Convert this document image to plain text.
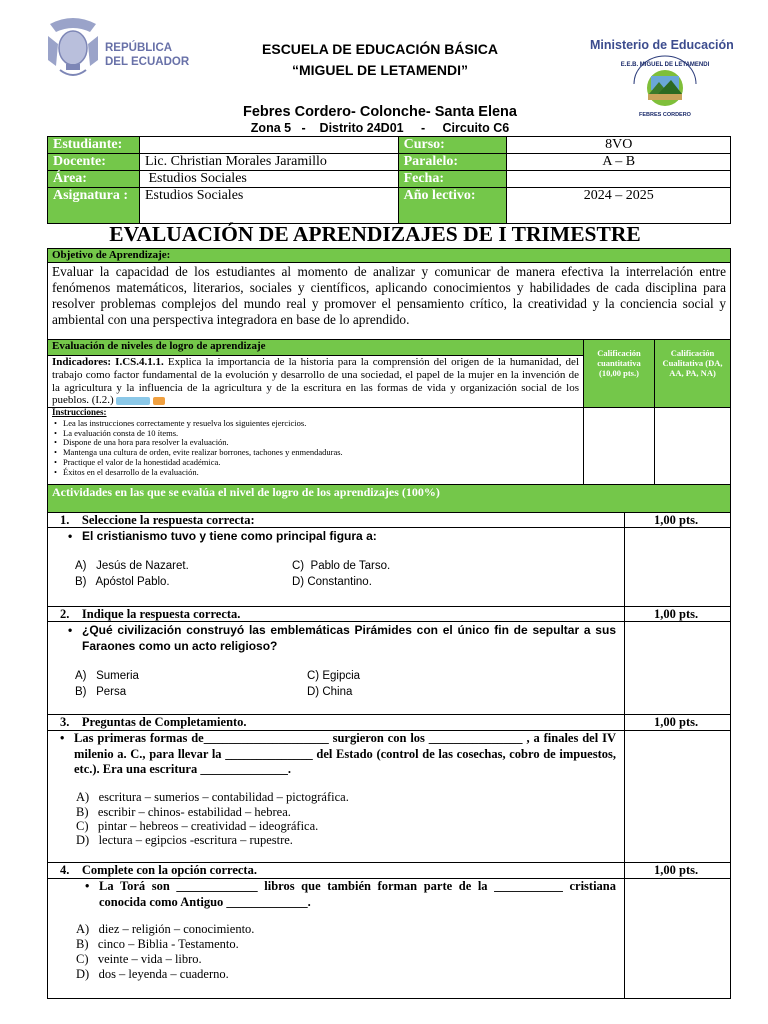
REPÚBLICA
DEL ECUADOR
ESCUELA DE EDUCACIÓN BÁSICA
“MIGUEL DE LETAMENDI”
Ministerio de Educación
E.E.B. MIGUEL DE LETAMENDI
FEBRES CORDERO
Febres Cordero- Colonche- Santa Elena
Zona 5   -    Distrito 24D01     -     Circuito C6
Estudiante:		Curso:	8VO
Docente:	Lic. Christian Morales Jaramillo	Paralelo:	A – B
Área:	Estudios Sociales	Fecha:	
Asignatura :	Estudios Sociales	Año lectivo:	2024 – 2025
EVALUACIÓN DE APRENDIZAJES DE I TRIMESTRE
Objetivo de Aprendizaje:
Evaluar la capacidad de los estudiantes al momento de analizar y comunicar de manera efectiva la interrelación entre fenómenos matemáticos, literarios, sociales y científicos, aplicando conocimientos y habilidades de cada disciplina para resolver problemas complejos del mundo real y promover el pensamiento crítico, la creatividad y la conciencia social y ambiental con una perspectiva integradora en base de lo aprendido.
Evaluación de niveles de logro de aprendizaje
Calificación cuantitativa (10,00 pts.)
Calificación Cualitativa (DA, AA, PA, NA)
Indicadores: I.CS.4.1.1. Explica la importancia de la historia para la comprensión del origen de la humanidad, del trabajo como factor fundamental de la evolución y desarrollo de una sociedad, el papel de la mujer en la invención de la agricultura y la influencia de la agricultura y de la escritura en las formas de vida y organización social de los pueblos. (I.2.)
Instrucciones:
• Lea las instrucciones correctamente y resuelva los siguientes ejercicios.
• La evaluación consta de 10 ítems.
• Dispone de una hora para resolver la evaluación.
• Mantenga una cultura de orden, evite realizar borrones, tachones y enmendaduras.
• Practique el valor de la honestidad académica.
• Éxitos en el desarrollo de la evaluación.
Actividades en las que se evalúa el nivel de logro de los aprendizajes (100%)
1.    Seleccione la respuesta correcta:	1,00 pts.
• El cristianismo tuvo y tiene como principal figura a:
A)   Jesús de Nazaret.	C)  Pablo de Tarso.
B)   Apóstol Pablo.	D) Constantino.
2.    Indique la respuesta correcta.	1,00 pts.
• ¿Qué civilización construyó las emblemáticas Pirámides con el único fin de sepultar a sus Faraones como un acto religioso?
A)   Sumeria	C) Egipcia
B)   Persa	D) China
3.    Preguntas de Completamiento.	1,00 pts.
• Las primeras formas de____________________ surgieron con los _______________ , a finales del IV milenio a. C., para llevar la ______________ del Estado (control de las cosechas, cobro de impuestos, etc.). Era una escritura ______________.
A)   escritura – sumerios – contabilidad – pictográfica.
B)   escribir – chinos- estabilidad – hebrea.
C)   pintar – hebreos – creatividad – ideográfica.
D)   lectura – egipcios -escritura – rupestre.
4.    Complete con la opción correcta.	1,00 pts.
• La Torá son _____________ libros que también forman parte de la ___________ cristiana conocida como Antiguo _____________.
A)   diez – religión – conocimiento.
B)   cinco – Biblia - Testamento.
C)   veinte – vida – libro.
D)   dos – leyenda – cuaderno.
